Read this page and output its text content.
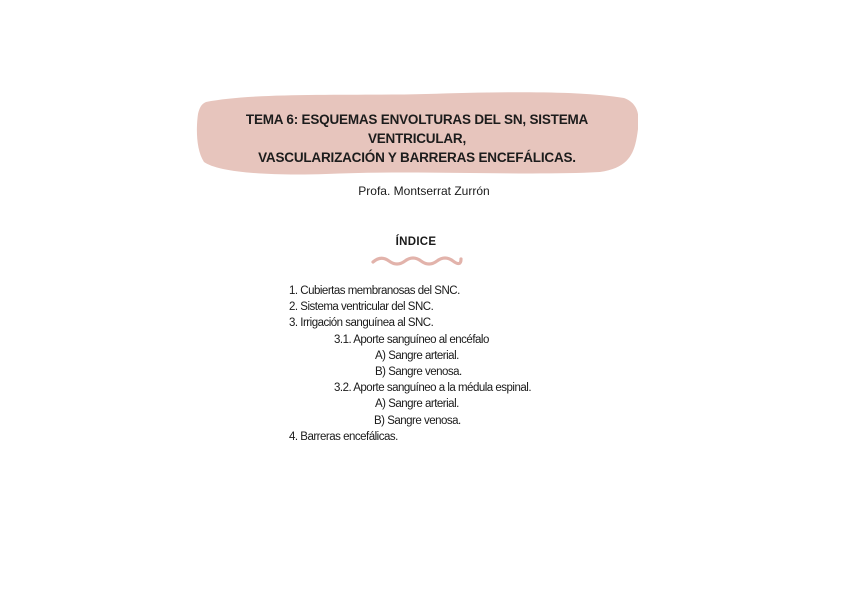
TEMA 6: ESQUEMAS ENVOLTURAS DEL SN, SISTEMA VENTRICULAR,
VASCULARIZACIÓN Y BARRERAS ENCEFÁLICAS.
Profa. Montserrat Zurrón
ÍNDICE
1. Cubiertas membranosas del SNC.
2. Sistema ventricular del SNC.
3. Irrigación sanguínea al SNC.
3.1. Aporte sanguíneo al encéfalo
A) Sangre arterial.
B) Sangre venosa.
3.2. Aporte sanguíneo a la médula espinal.
A) Sangre arterial.
B) Sangre venosa.
4. Barreras encefálicas.
